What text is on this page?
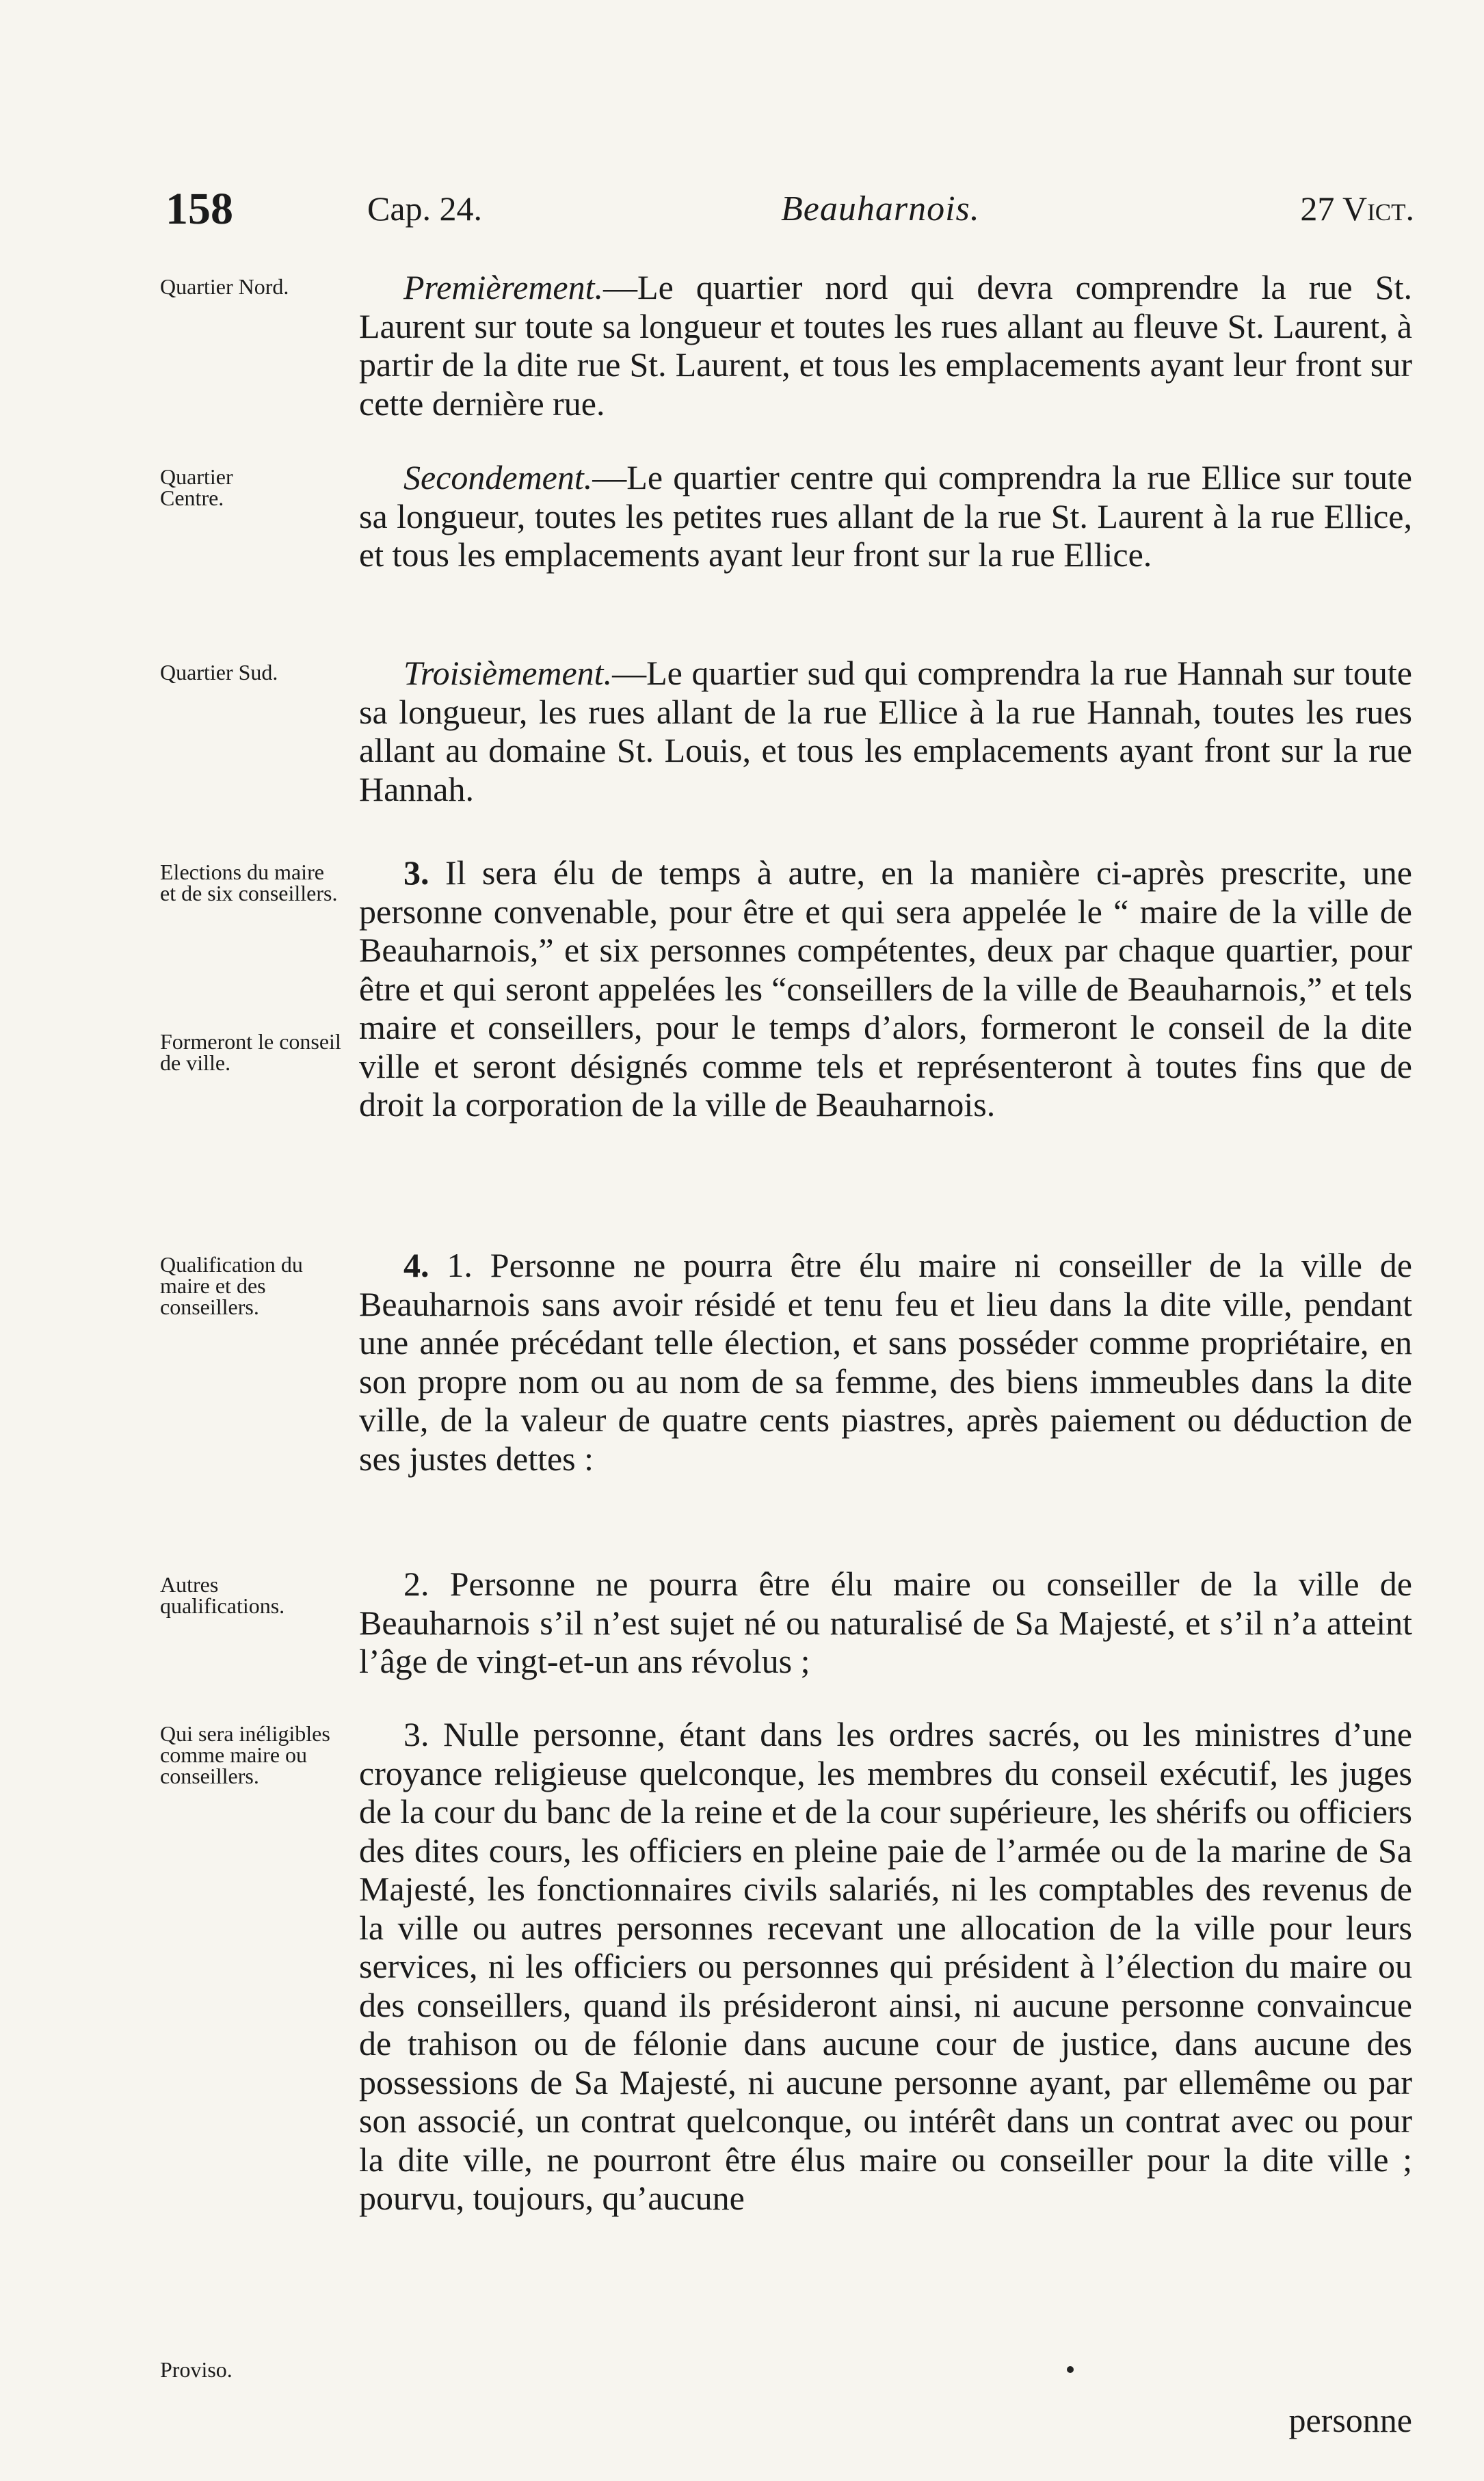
158	Cap. 24.	Beauharnois.	27 Vict.
Quartier Nord.
Quartier Centre.
Quartier Sud.
Elections du maire et de six conseillers.
Formeront le conseil de ville.
Qualification du maire et des conseillers.
Autres qualifications.
Qui sera inéligibles comme maire ou conseillers.
Proviso.

Premièrement.—Le quartier nord qui devra comprendre la rue St. Laurent sur toute sa longueur et toutes les rues allant au fleuve St. Laurent, à partir de la dite rue St. Laurent, et tous les emplacements ayant leur front sur cette dernière rue.

Secondement.—Le quartier centre qui comprendra la rue Ellice sur toute sa longueur, toutes les petites rues allant de la rue St. Laurent à la rue Ellice, et tous les emplacements ayant leur front sur la rue Ellice.

Troisièmement.—Le quartier sud qui comprendra la rue Hannah sur toute sa longueur, les rues allant de la rue Ellice à la rue Hannah, toutes les rues allant au domaine St. Louis, et tous les emplacements ayant front sur la rue Hannah.

3. Il sera élu de temps à autre, en la manière ci-après prescrite, une personne convenable, pour être et qui sera appelée le “ maire de la ville de Beauharnois,” et six personnes compétentes, deux par chaque quartier, pour être et qui seront appelées les “conseillers de la ville de Beauharnois,” et tels maire et conseillers, pour le temps d’alors, formeront le conseil de la dite ville et seront désignés comme tels et représenteront à toutes fins que de droit la corporation de la ville de Beauharnois.

4. 1. Personne ne pourra être élu maire ni conseiller de la ville de Beauharnois sans avoir résidé et tenu feu et lieu dans la dite ville, pendant une année précédant telle élection, et sans posséder comme propriétaire, en son propre nom ou au nom de sa femme, des biens immeubles dans la dite ville, de la valeur de quatre cents piastres, après paiement ou déduction de ses justes dettes :

2. Personne ne pourra être élu maire ou conseiller de la ville de Beauharnois s’il n’est sujet né ou naturalisé de Sa Majesté, et s’il n’a atteint l’âge de vingt-et-un ans révolus ;

3. Nulle personne, étant dans les ordres sacrés, ou les ministres d’une croyance religieuse quelconque, les membres du conseil exécutif, les juges de la cour du banc de la reine et de la cour supérieure, les shérifs ou officiers des dites cours, les officiers en pleine paie de l’armée ou de la marine de Sa Majesté, les fonctionnaires civils salariés, ni les comptables des revenus de la ville ou autres personnes recevant une allocation de la ville pour leurs services, ni les officiers ou personnes qui président à l’élection du maire ou des conseillers, quand ils présideront ainsi, ni aucune personne convaincue de trahison ou de félonie dans aucune cour de justice, dans aucune des possessions de Sa Majesté, ni aucune personne ayant, par ellemême ou par son associé, un contrat quelconque, ou intérêt dans un contrat avec ou pour la dite ville, ne pourront être élus maire ou conseiller pour la dite ville ; pourvu, toujours, qu’aucune

personne
